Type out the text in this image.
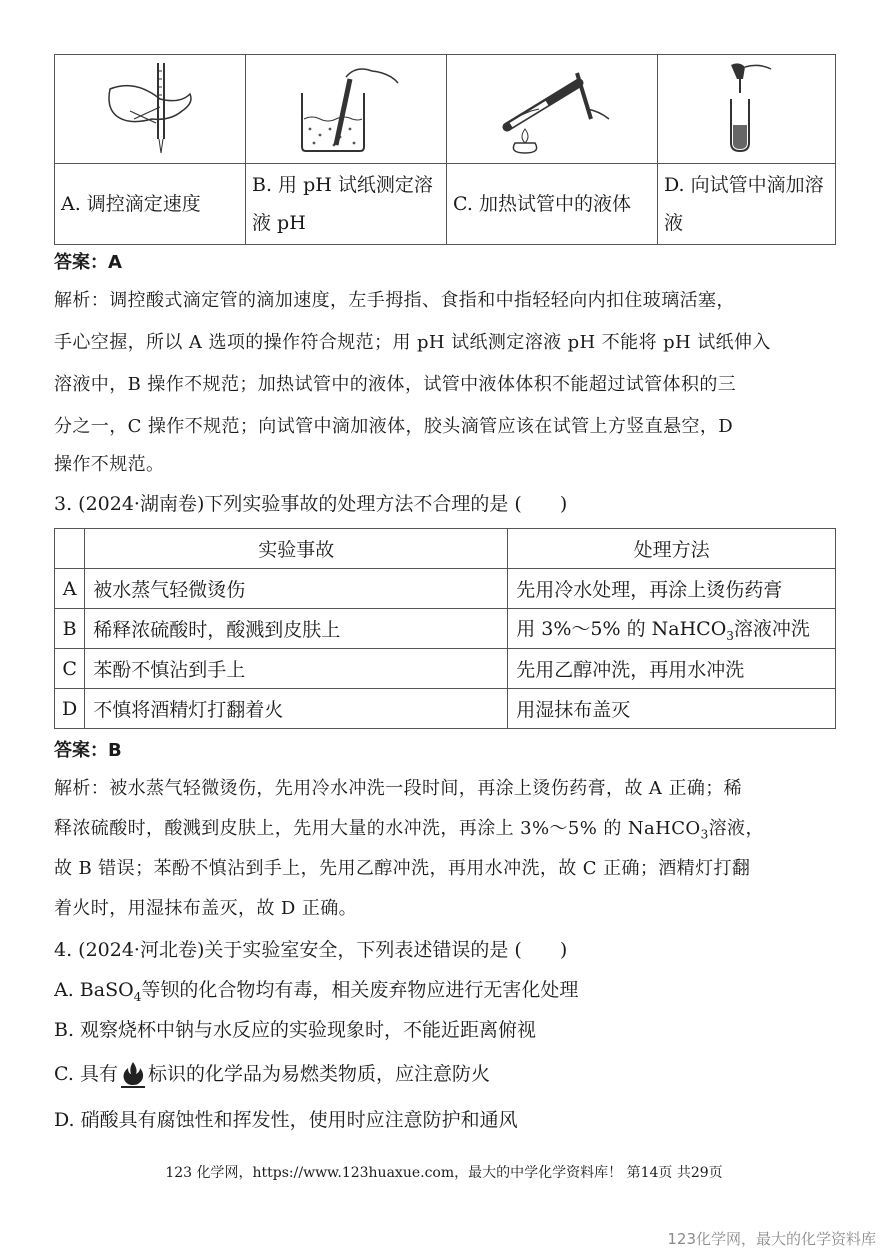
A. 调控滴定速度	B. 用 pH 试纸测定溶液 pH	C. 加热试管中的液体	D. 向试管中滴加溶液
答案：A
解析：调控酸式滴定管的滴加速度，左手拇指、食指和中指轻轻向内扣住玻璃活塞，
手心空握，所以 A 选项的操作符合规范；用 pH 试纸测定溶液 pH 不能将 pH 试纸伸入
溶液中，B 操作不规范；加热试管中的液体，试管中液体体积不能超过试管体积的三
分之一，C 操作不规范；向试管中滴加液体，胶头滴管应该在试管上方竖直悬空，D
操作不规范。
3. (2024·湖南卷)下列实验事故的处理方法不合理的是 (　　)
	实验事故	处理方法
A	被水蒸气轻微烫伤	先用冷水处理，再涂上烫伤药膏
B	稀释浓硫酸时，酸溅到皮肤上	用 3%～5% 的 NaHCO$_3$溶液冲洗
C	苯酚不慎沾到手上	先用乙醇冲洗，再用水冲洗
D	不慎将酒精灯打翻着火	用湿抹布盖灭
答案：B
解析：被水蒸气轻微烫伤，先用冷水冲洗一段时间，再涂上烫伤药膏，故 A 正确；稀
释浓硫酸时，酸溅到皮肤上，先用大量的水冲洗，再涂上 3%～5% 的 NaHCO$_3$溶液，
故 B 错误；苯酚不慎沾到手上，先用乙醇冲洗，再用水冲洗，故 C 正确；酒精灯打翻
着火时，用湿抹布盖灭，故 D 正确。
4. (2024·河北卷)关于实验室安全，下列表述错误的是 (　　)
A. BaSO$_4$等钡的化合物均有毒，相关废弃物应进行无害化处理
B. 观察烧杯中钠与水反应的实验现象时，不能近距离俯视
C. 具有 标识的化学品为易燃类物质，应注意防火
D. 硝酸具有腐蚀性和挥发性，使用时应注意防护和通风
123 化学网，https://www.123huaxue.com，最大的中学化学资料库！ 第14页 共29页
123化学网，最大的化学资料库
